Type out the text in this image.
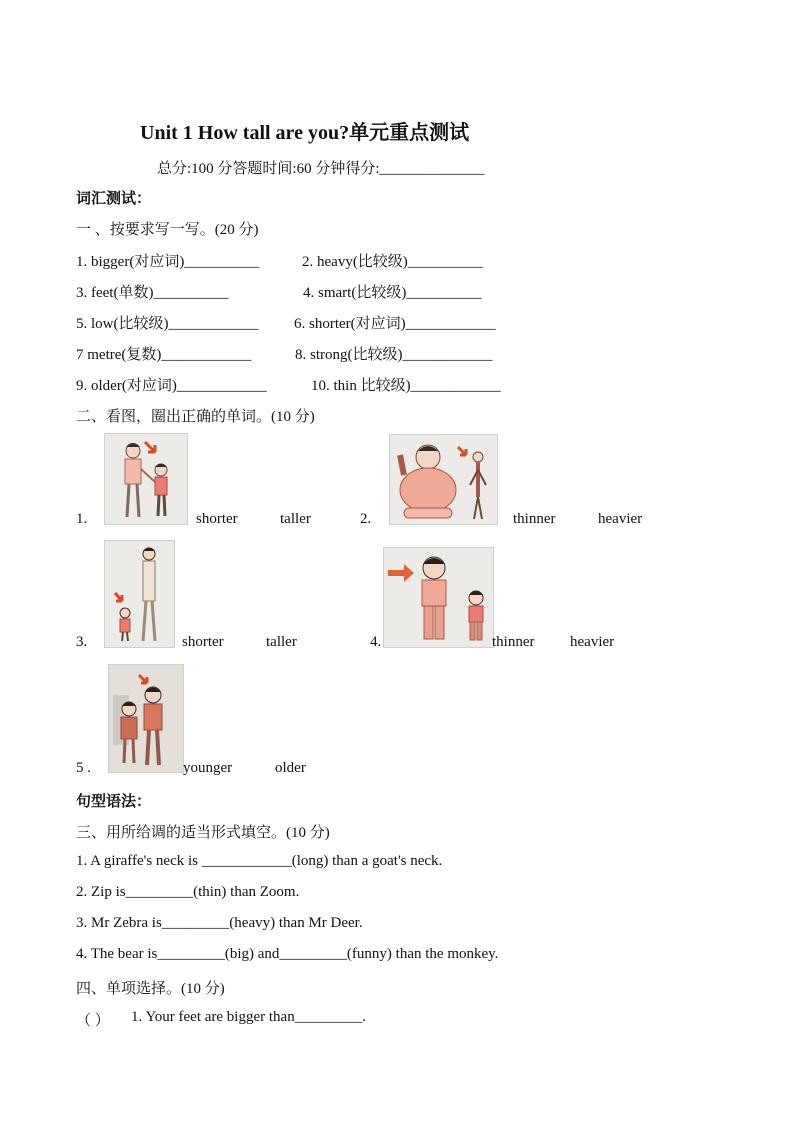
Unit 1 How tall are you?单元重点测试
总分:100 分答题时间:60 分钟得分:______________
词汇测试：
一 、按要求写一写。(20 分)
1. bigger(对应词)__________	2. heavy(比较级)__________
3. feet(单数)__________	4. smart(比较级)__________
5. low(比较级)____________ 6. shorter(对应词)____________
7 metre(复数)____________	8. strong(比较级)____________
9. older(对应词)____________	10. thin 比较级)____________
二、看图，圈出正确的单词。(10 分)
1.	shorter	taller	2.	thinner	heavier
3.	shorter	taller	4.	thinner heavier
5 .	younger	older
句型语法：
三、用所给调的适当形式填空。(10 分)
1. A giraffe's neck is ____________(long) than a goat's neck.
2. Zip is_________(thin) than Zoom.
3. Mr Zebra is_________(heavy) than Mr Deer.
4. The bear is_________(big) and_________(funny) than the monkey.
四、单项选择。(10 分)
（ ） 1. Your feet are bigger than_________.
